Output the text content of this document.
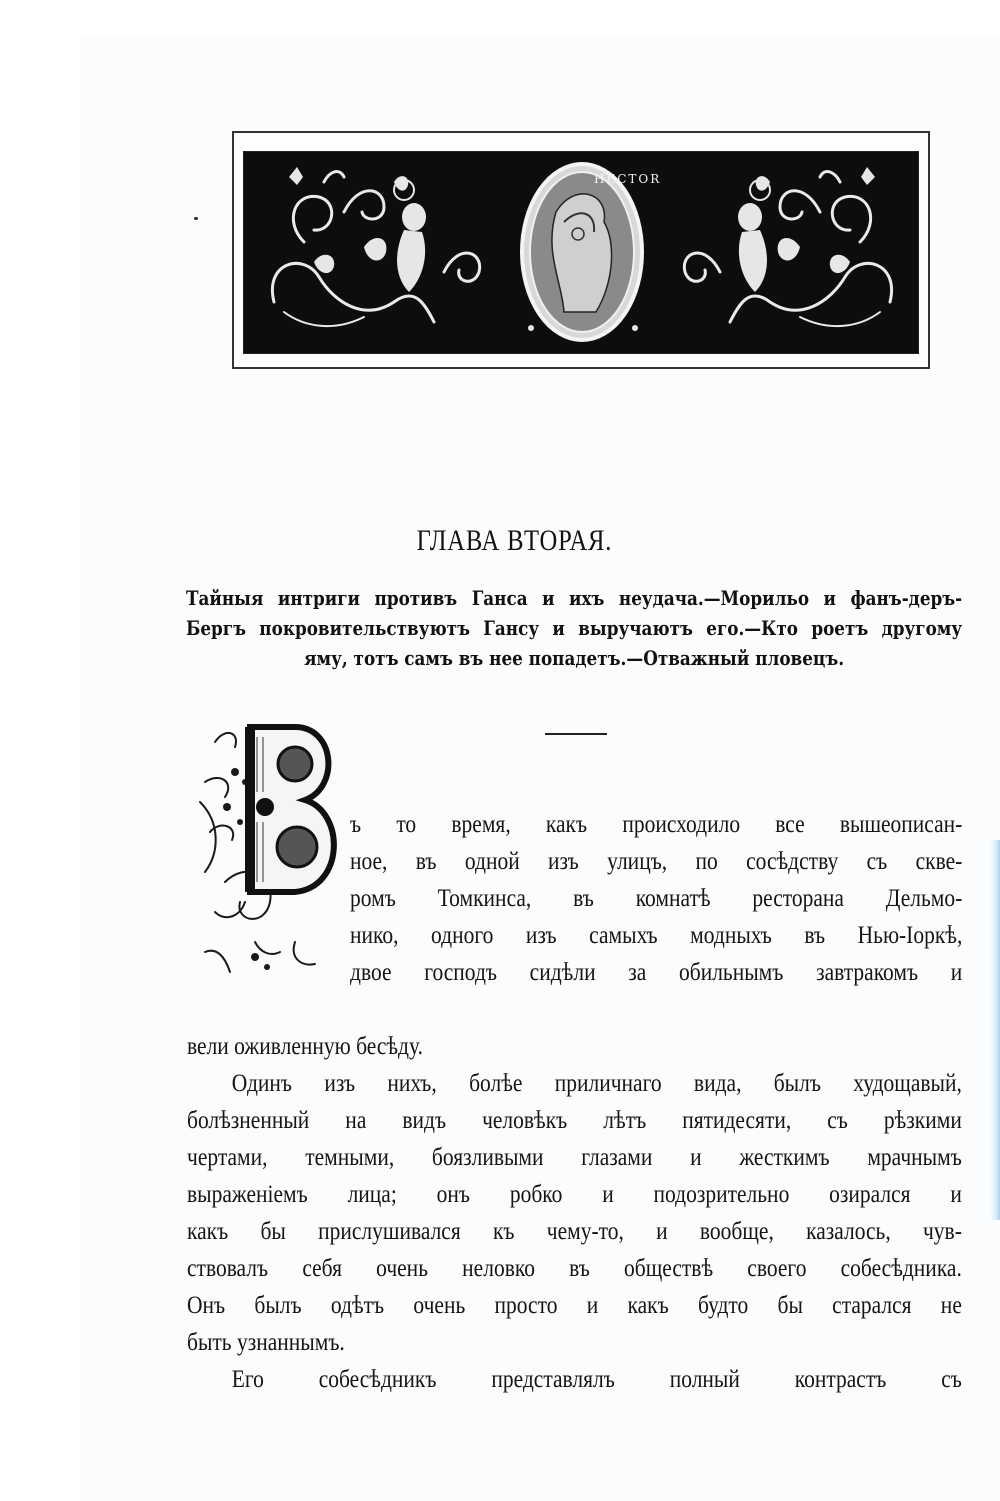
HECTOR
ГЛАВА ВТОРАЯ.
Тайныя интриги противъ Ганса и ихъ неудача.—Морильо и фанъ-деръ-
Бергъ покровительствуютъ Гансу и выручаютъ его.—Кто роетъ другому
яму, тотъ самъ въ нее попадетъ.—Отважный пловецъ.
ъ то время, какъ происходило все вышеописан-
ное, въ одной изъ улицъ, по сосѣдству съ скве-
ромъ Томкинса, въ комнатѣ ресторана Дельмо-
нико, одного изъ самыхъ модныхъ въ Нью-Іоркѣ,
двое господъ сидѣли за обильнымъ завтракомъ и
вели оживленную бесѣду.
Одинъ изъ нихъ, болѣе приличнаго вида, былъ худощавый,
болѣзненный на видъ человѣкъ лѣтъ пятидесяти, съ рѣзкими
чертами, темными, боязливыми глазами и жесткимъ мрачнымъ
выраженіемъ лица; онъ робко и подозрительно озирался и
какъ бы прислушивался къ чему-то, и вообще, казалось, чув-
ствовалъ себя очень неловко въ обществѣ своего собесѣдника.
Онъ былъ одѣтъ очень просто и какъ будто бы старался не
быть узнаннымъ.
Его собесѣдникъ представлялъ полный контрастъ съ
